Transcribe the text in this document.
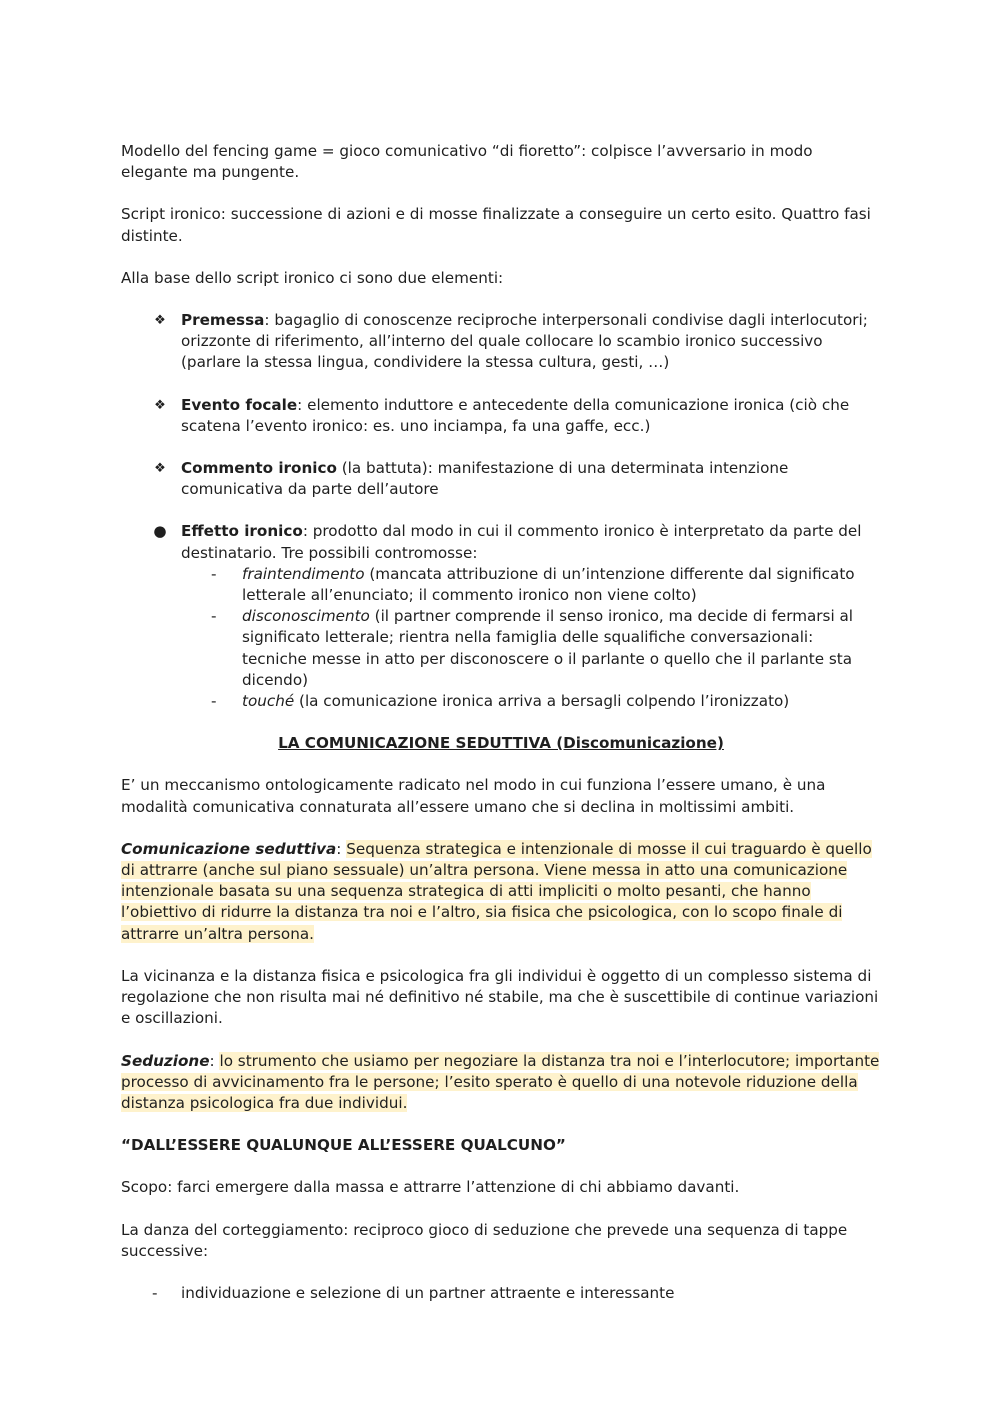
Modello del fencing game = gioco comunicativo “di fioretto”: colpisce l’avversario in modo elegante ma pungente.

Script ironico: successione di azioni e di mosse finalizzate a conseguire un certo esito. Quattro fasi distinte.

Alla base dello script ironico ci sono due elementi:

❖ Premessa: bagaglio di conoscenze reciproche interpersonali condivise dagli interlocutori; orizzonte di riferimento, all’interno del quale collocare lo scambio ironico successivo (parlare la stessa lingua, condividere la stessa cultura, gesti, …)

❖ Evento focale: elemento induttore e antecedente della comunicazione ironica (ciò che scatena l’evento ironico: es. uno inciampa, fa una gaffe, ecc.)

❖ Commento ironico (la battuta): manifestazione di una determinata intenzione comunicativa da parte dell’autore

● Effetto ironico: prodotto dal modo in cui il commento ironico è interpretato da parte del destinatario. Tre possibili contromosse:

- fraintendimento (mancata attribuzione di un’intenzione differente dal significato letterale all’enunciato; il commento ironico non viene colto)

- disconoscimento (il partner comprende il senso ironico, ma decide di fermarsi al significato letterale; rientra nella famiglia delle squalifiche conversazionali: tecniche messe in atto per disconoscere o il parlante o quello che il parlante sta dicendo)

- touché (la comunicazione ironica arriva a bersagli colpendo l’ironizzato)

LA COMUNICAZIONE SEDUTTIVA (Discomunicazione)

E’ un meccanismo ontologicamente radicato nel modo in cui funziona l’essere umano, è una modalità comunicativa connaturata all’essere umano che si declina in moltissimi ambiti.

Comunicazione seduttiva: Sequenza strategica e intenzionale di mosse il cui traguardo è quello di attrarre (anche sul piano sessuale) un’altra persona. Viene messa in atto una comunicazione intenzionale basata su una sequenza strategica di atti impliciti o molto pesanti, che hanno l’obiettivo di ridurre la distanza tra noi e l’altro, sia fisica che psicologica, con lo scopo finale di attrarre un’altra persona.

La vicinanza e la distanza fisica e psicologica fra gli individui è oggetto di un complesso sistema di regolazione che non risulta mai né definitivo né stabile, ma che è suscettibile di continue variazioni e oscillazioni.

Seduzione: lo strumento che usiamo per negoziare la distanza tra noi e l’interlocutore; importante processo di avvicinamento fra le persone; l’esito sperato è quello di una notevole riduzione della distanza psicologica fra due individui.

“DALL’ESSERE QUALUNQUE ALL’ESSERE QUALCUNO”

Scopo: farci emergere dalla massa e attrarre l’attenzione di chi abbiamo davanti.

La danza del corteggiamento: reciproco gioco di seduzione che prevede una sequenza di tappe successive:

- individuazione e selezione di un partner attraente e interessante
